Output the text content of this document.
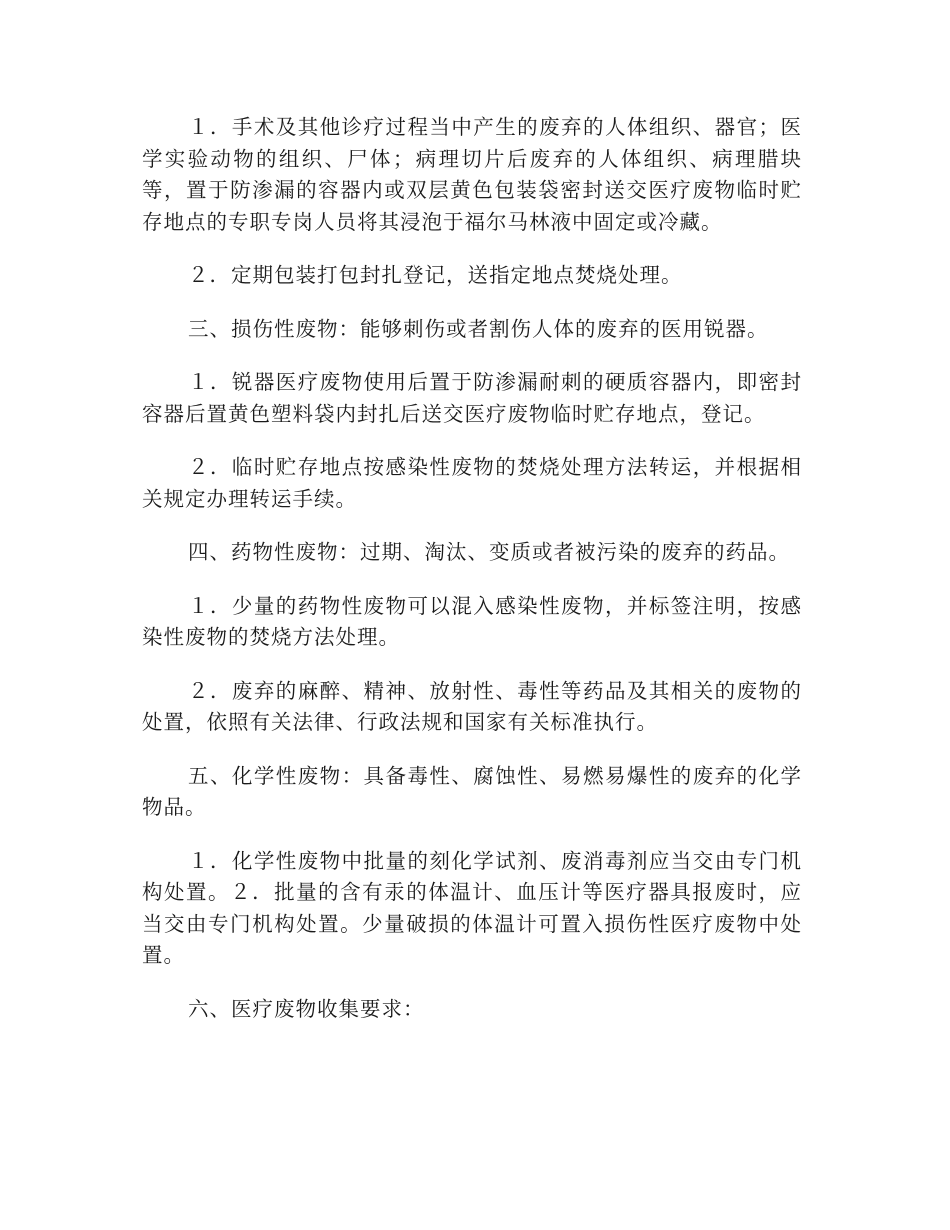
１．手术及其他诊疗过程当中产生的废弃的人体组织、器官；医学实验动物的组织、尸体；病理切片后废弃的人体组织、病理腊块等，置于防渗漏的容器内或双层黄色包装袋密封送交医疗废物临时贮存地点的专职专岗人员将其浸泡于福尔马林液中固定或冷藏。

２．定期包装打包封扎登记，送指定地点焚烧处理。

三、损伤性废物：能够刺伤或者割伤人体的废弃的医用锐器。

１．锐器医疗废物使用后置于防渗漏耐刺的硬质容器内，即密封容器后置黄色塑料袋内封扎后送交医疗废物临时贮存地点，登记。

２．临时贮存地点按感染性废物的焚烧处理方法转运，并根据相关规定办理转运手续。

四、药物性废物：过期、淘汰、变质或者被污染的废弃的药品。

１．少量的药物性废物可以混入感染性废物，并标签注明，按感染性废物的焚烧方法处理。

２．废弃的麻醉、精神、放射性、毒性等药品及其相关的废物的处置，依照有关法律、行政法规和国家有关标准执行。

五、化学性废物：具备毒性、腐蚀性、易燃易爆性的废弃的化学物品。

１．化学性废物中批量的刻化学试剂、废消毒剂应当交由专门机构处置。２．批量的含有汞的体温计、血压计等医疗器具报废时，应当交由专门机构处置。少量破损的体温计可置入损伤性医疗废物中处置。

六、医疗废物收集要求：
